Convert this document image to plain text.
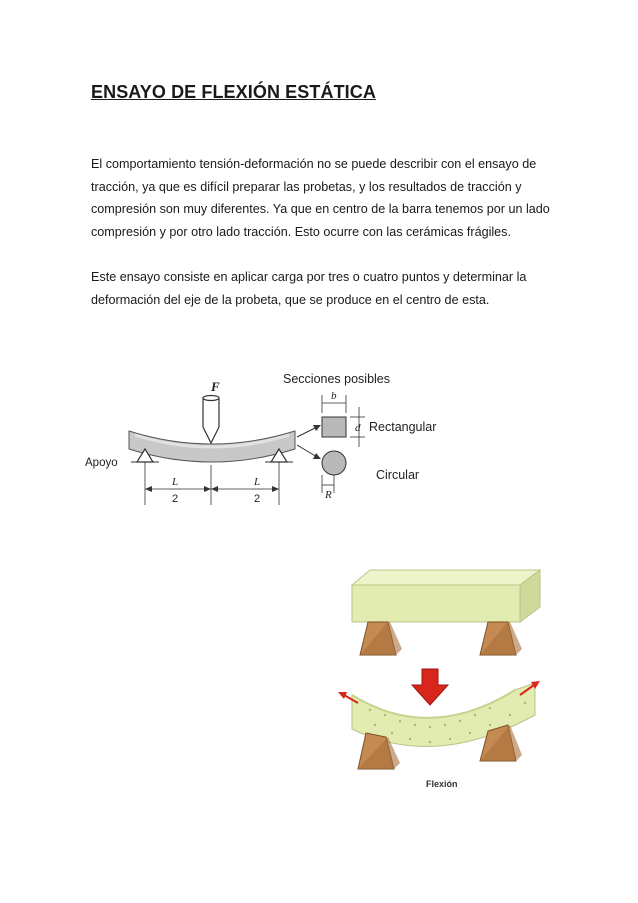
ENSAYO DE FLEXIÓN ESTÁTICA

El comportamiento tensión-deformación no se puede describir con el ensayo de tracción, ya que es difícil preparar las probetas, y los resultados de tracción y compresión son muy diferentes. Ya que en centro de la barra tenemos por un lado compresión y por otro lado tracción. Esto ocurre con las cerámicas frágiles.

Este ensayo consiste en aplicar carga por tres o cuatro puntos y determinar la deformación del eje de la probeta, que se produce en el centro de esta.

F
Apoyo
L
2
L
2
Secciones posibles
b
d Rectangular
R
Circular
Flexión
